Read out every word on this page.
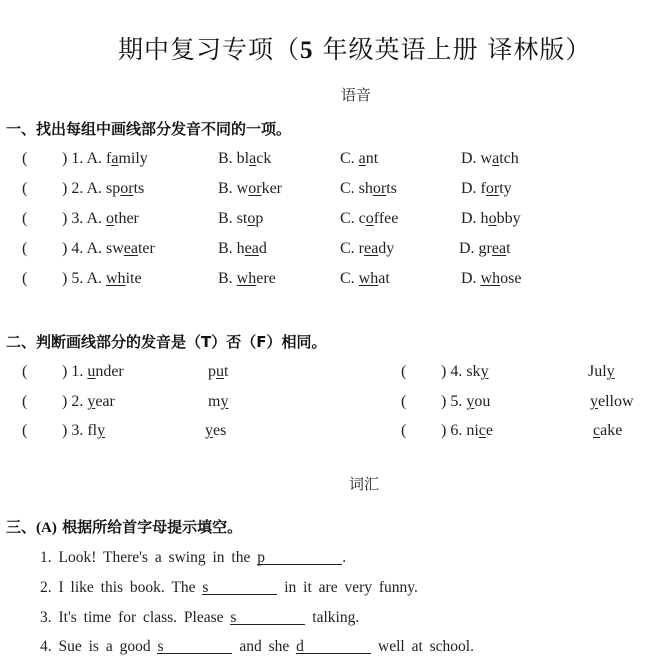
期中复习专项（5 年级英语上册 译林版）
语音
一、找出每组中画线部分发音不同的一项。
( ) 1. A. family	B. black	C. ant	D. watch
( ) 2. A. sports	B. worker	C. shorts	D. forty
( ) 3. A. other	B. stop	C. coffee	D. hobby
( ) 4. A. sweater	B. head	C. ready	D. great
( ) 5. A. white	B. where	C. what	D. whose
二、判断画线部分的发音是（T）否（F）相同。
( ) 1. under	put
( ) 2. year	my
( ) 3. fly	yes
( ) 4. sky	July
( ) 5. you	yellow
( ) 6. nice	cake
词汇
三、(A) 根据所给首字母提示填空。
1. Look! There's a swing in the p	.
2. I like this book. The s	in it are very funny.
3. It's time for class. Please s	talking.
4. Sue is a good s	and she d	well at school.
